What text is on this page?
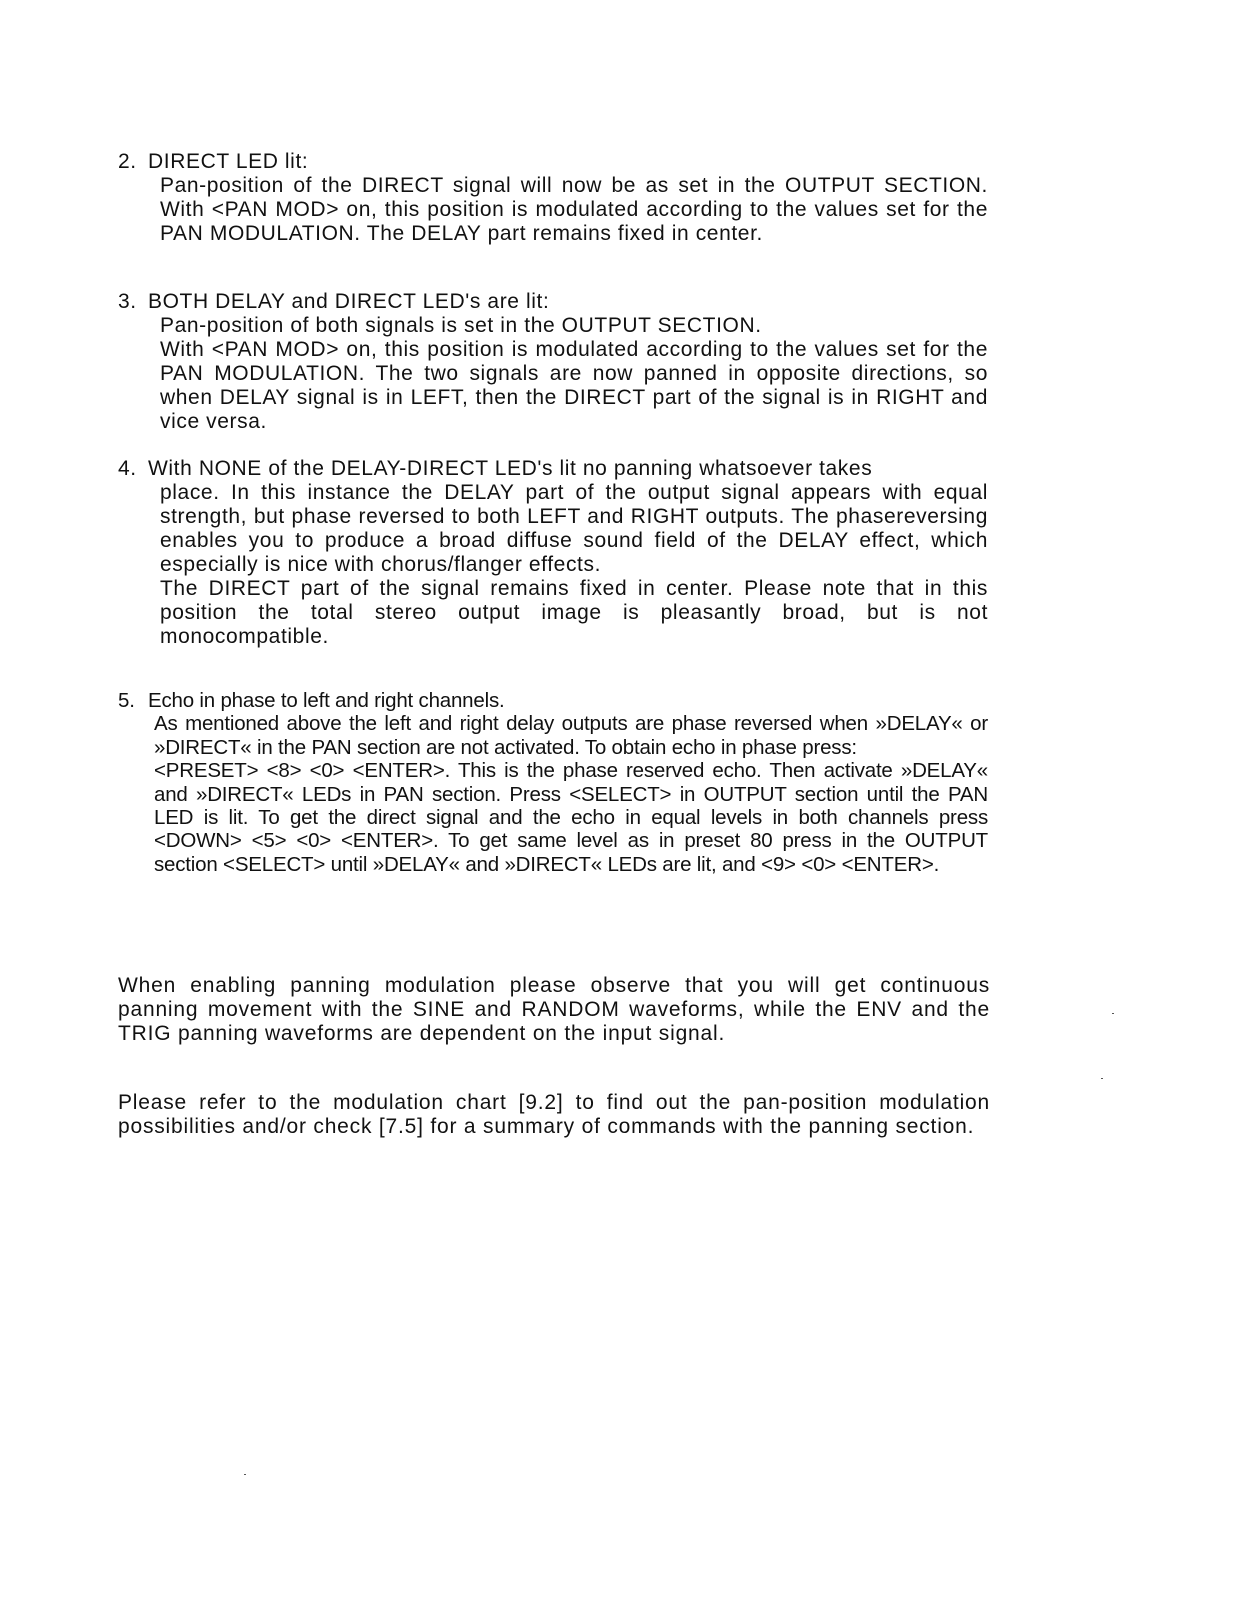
2. DIRECT LED lit:

Pan-position of the DIRECT signal will now be as set in the OUTPUT SECTION. With <PAN MOD> on, this position is modulated according to the values set for the PAN MODULATION. The DELAY part remains fixed in center.

3. BOTH DELAY and DIRECT LED's are lit:

Pan-position of both signals is set in the OUTPUT SECTION.

With <PAN MOD> on, this position is modulated according to the values set for the PAN MODULATION. The two signals are now panned in opposite directions, so when DELAY signal is in LEFT, then the DIRECT part of the signal is in RIGHT and vice versa.

4. With NONE of the DELAY-DIRECT LED's lit no panning whatsoever takes

place. In this instance the DELAY part of the output signal appears with equal strength, but phase reversed to both LEFT and RIGHT outputs. The phasereversing enables you to produce a broad diffuse sound field of the DELAY effect, which especially is nice with chorus/flanger effects.

The DIRECT part of the signal remains fixed in center. Please note that in this position the total stereo output image is pleasantly broad, but is not monocompatible.

5. Echo in phase to left and right channels.

As mentioned above the left and right delay outputs are phase reversed when »DELAY« or »DIRECT« in the PAN section are not activated. To obtain echo in phase press:

<PRESET> <8> <0> <ENTER>. This is the phase reserved echo. Then activate »DELAY« and »DIRECT« LEDs in PAN section. Press <SELECT> in OUTPUT section until the PAN LED is lit. To get the direct signal and the echo in equal levels in both channels press <DOWN> <5> <0> <ENTER>. To get same level as in preset 80 press in the OUTPUT section <SELECT> until »DELAY« and »DIRECT« LEDs are lit, and <9> <0> <ENTER>.

When enabling panning modulation please observe that you will get continuous panning movement with the SINE and RANDOM waveforms, while the ENV and the TRIG panning waveforms are dependent on the input signal.

Please refer to the modulation chart [9.2] to find out the pan-position modulation possibilities and/or check [7.5] for a summary of commands with the panning section.
